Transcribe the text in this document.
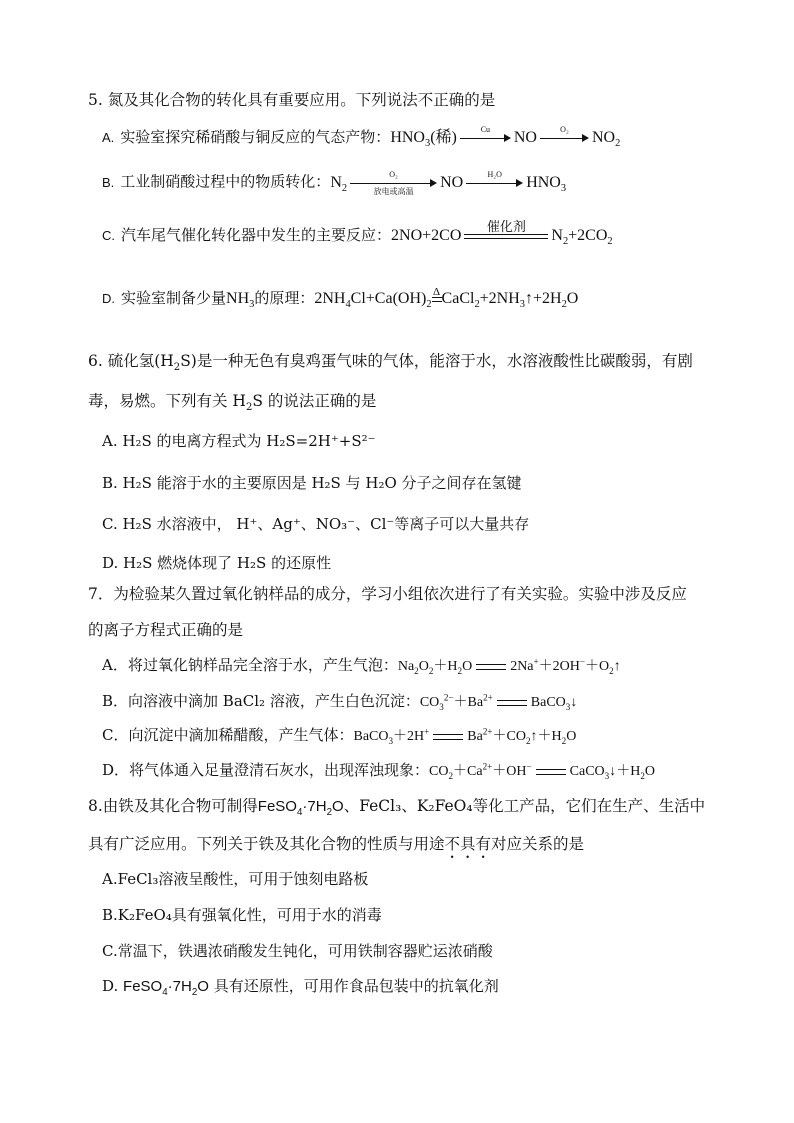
5. 氮及其化合物的转化具有重要应用。下列说法不正确的是
A. 实验室探究稀硝酸与铜反应的气态产物：$HNO_3$(稀)	Cu NO	O₂ $NO_2$
B. 工业制硝酸过程中的物质转化：$N_2$
O₂
放电或高温
NO	H₂O $HNO_3$
C. 汽车尾气催化转化器中发生的主要反应：2NO+2CO
催化剂

$N_2+2CO_2$
D. 实验室制备少量$NH_3$的原理：$2NH_4Cl+Ca(OH)_2$
Δ
$CaCl_2+2NH_3↑+2H_2O$
6. 硫化氢$(H_2S)$是一种无色有臭鸡蛋气味的气体，能溶于水，水溶液酸性比碳酸弱，有剧
毒，易燃。下列有关 $H_2S$ 的说法正确的是
A. H₂S 的电离方程式为 H₂S=2H⁺+S²⁻
B. H₂S 能溶于水的主要原因是 H₂S 与 H₂O 分子之间存在氢键
C. H₂S 水溶液中， H⁺、Ag⁺、NO₃⁻、Cl⁻等离子可以大量共存
D. H₂S 燃烧体现了 H₂S 的还原性
7．为检验某久置过氧化钠样品的成分，学习小组依次进行了有关实验。实验中涉及反应
的离子方程式正确的是
A．将过氧化钠样品完全溶于水，产生气泡：$Na_2O_2+H_2O$	$2Na^++2OH^-+O_2↑$
B．向溶液中滴加 BaCl₂ 溶液，产生白色沉淀：$CO_3^{2-}+Ba^{2+}$	BaCO$_3$↓
C．向沉淀中滴加稀醋酸，产生气体：BaCO$_3$＋2H+	$Ba^{2+}+CO_2↑+H_2O$
D．将气体通入足量澄清石灰水，出现浑浊现象：$CO_2+Ca^{2+}+OH^-$	$CaCO_3↓+H_2O$
8.由铁及其化合物可制得$FeSO_4\cdot 7H_2O$、FeCl₃、K₂FeO₄等化工产品，它们在生产、生活中
具有广泛应用。下列关于铁及其化合物的性质与用途不具有对应关系的是
A.FeCl₃溶液呈酸性，可用于蚀刻电路板
B.K₂FeO₄具有强氧化性，可用于水的消毒
C.常温下，铁遇浓硝酸发生钝化，可用铁制容器贮运浓硝酸
D. $FeSO_4\cdot 7H_2O$ 具有还原性，可用作食品包装中的抗氧化剂
